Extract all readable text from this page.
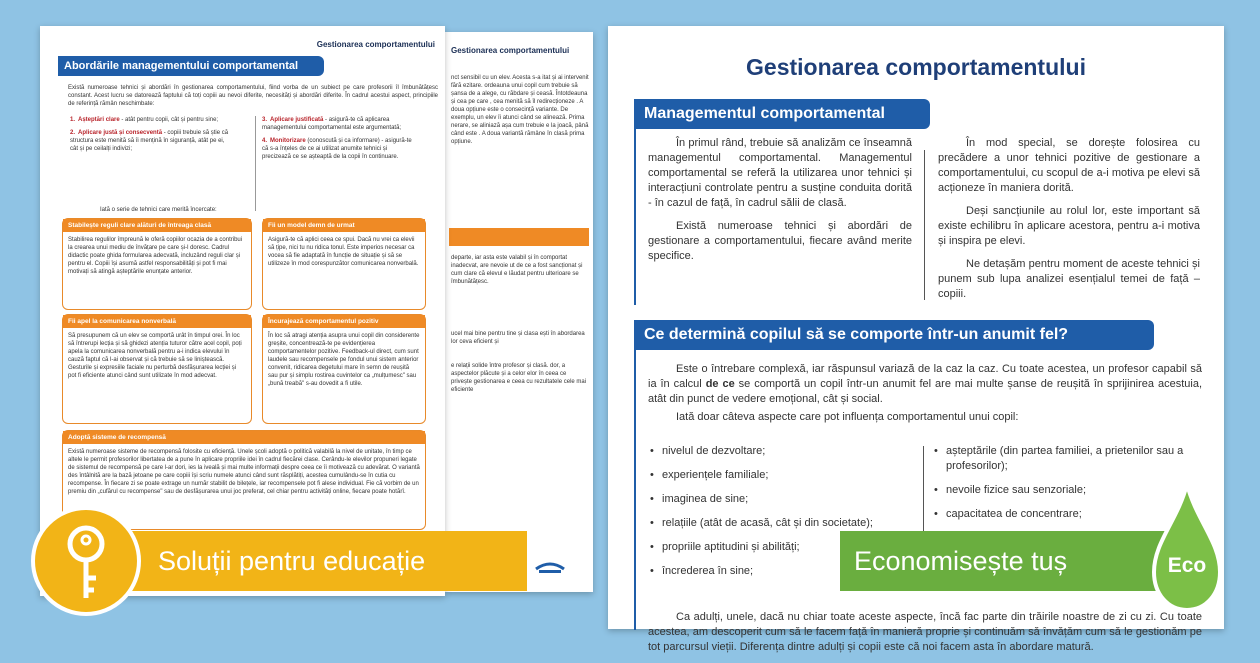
Gestionarea comportamentului
nct sensibil cu un elev. Acesta s-a itat și ai intervenit fără ezitare. ordeauna unui copil cum trebuie să șansa de a alege, cu răbdare și ceasă. Întotdeauna și cea pe care , cea menită să îl redirecționeze . A doua opțiune este o consecință variante. De exemplu, un elev îi atunci când se alinează. Prima nerare, se aliniază așa cum trebuie e la joacă, până când este . A doua variantă rămâne în clasă prima opțiune.
departe, iar asta este valabil și în comportat inadecvat, are nevoie ut de ce a fost sancționat și cum clare că elevul e lăudat pentru ulterioare se îmbunătățesc.
ucel mai bine pentru tine și clasa ești în abordarea lor ceva eficient și
e relații solide între profesor și clasă. dor, a aspectelor plăcute și a celor elor în ceea ce privește gestionarea e ceea cu rezultatele cele mai eficiente
Gestionarea comportamentului
Abordările managementului comportamental
Există numeroase tehnici și abordări în gestionarea comportamentului, fiind vorba de un subiect pe care profesorii îl îmbunătățesc constant. Acest lucru se datorează faptului că toți copiii au nevoi diferite, necesități și abordări diferite. În cadrul acestui aspect, principiile de referință rămân neschimbate:
1. Așteptări clare - atât pentru copii, cât și pentru sine;
2. Aplicare justă și consecventă - copiii trebuie să știe că structura este menită să îi mențină în siguranță, atât pe ei, cât și pe ceilalți indivizi;
3. Aplicare justificată - asigură-te că aplicarea managementului comportamental este argumentată;
4. Monitorizare (conoscută și ca informare) - asigură-te că s-a înțeles de ce ai utilizat anumite tehnici și precizează ce se așteaptă de la copii în continuare.
Iată o serie de tehnici care merită încercate:
Stabilește reguli clare alături de întreaga clasă
Stabilirea regulilor împreună le oferă copiilor ocazia de a contribui la crearea unui mediu de învățare pe care și-l doresc. Cadrul didactic poate ghida formularea adecvată, incluzând reguli clar și pentru el. Copiii își asumă astfel responsabilități și pot fi mai motivați să atingă așteptările enunțate anterior.
Fii un model demn de urmat
Asigură-te că aplici ceea ce spui. Dacă nu vrei ca elevii să țipe, nici tu nu ridica tonul. Este imperios necesar ca vocea să fie adaptată în funcție de situație și să se utilizeze în mod corespunzător comunicarea nonverbală.
Fii apel la comunicarea nonverbală
Să presupunem că un elev se comportă urât în timpul orei. În loc să întrerupi lecția și să ghidezi atenția tuturor către acel copil, poți apela la comunicarea nonverbală pentru a-i indica elevului în cauză faptul că l-ai observat și că trebuie să se liniștească. Gesturile și expresiile faciale nu perturbă desfășurarea lecției și pot fi eficiente atunci când sunt utilizate în mod adecvat.
Încurajează comportamentul pozitiv
În loc să atragi atenția asupra unui copil din considerente greșite, concentrează-te pe evidențierea comportamentelor pozitive. Feedback-ul direct, cum sunt laudele sau recompensele pe fondul unui sistem anterior convenit, ridicarea degetului mare în semn de reușită sau pur și simplu rostirea cuvintelor ca „mulțumesc" sau „bună treabă" s-au dovedit a fi utile.
Adoptă sisteme de recompensă
Există numeroase sisteme de recompensă folosite cu eficiență. Unele școli adoptă o politică valabilă la nivel de unitate, în timp ce altele le permit profesorilor libertatea de a pune în aplicare propriile idei în cadrul fiecărei clase. Cerându-le elevilor propuneri legate de sistemul de recompensă pe care l-ar dori, ies la iveală și mai multe informații despre ceea ce îi motivează cu adevărat. O variantă des întâlnită are la bază jetoane pe care copiii își scriu numele atunci când sunt răsplătiți, acestea cumulându-se în cutia cu recompense. În fiecare zi se poate extrage un număr stabilit de bilețele, iar recompensele pot fi alese individual. Fie că vorbim de un premiu din „cufărul cu recompense" sau de desfășurarea unui joc preferat, cel chiar pentru activități online, fiecare poate hotărî.
Gestionarea comportamentului
Managementul comportamental

În primul rând, trebuie să analizăm ce înseamnă managementul comportamental. Managementul comportamental se referă la utilizarea unor tehnici și interacțiuni controlate pentru a susține conduita dorită - în cazul de față, în cadrul sălii de clasă.

Există numeroase tehnici și abordări de gestionare a comportamentului, fiecare având merite specifice.

În mod special, se dorește folosirea cu precădere a unor tehnici pozitive de gestionare a comportamentului, cu scopul de a-i motiva pe elevi să acționeze în maniera dorită.

Deși sancțiunile au rolul lor, este important să existe echilibru în aplicare acestora, pentru a-i motiva și inspira pe elevi.

Ne detașăm pentru moment de aceste tehnici și punem sub lupa analizei esențialul temei de față – copiii.

Ce determină copilul să se comporte într-un anumit fel?

Este o întrebare complexă, iar răspunsul variază de la caz la caz. Cu toate acestea, un profesor capabil să ia în calcul de ce se comportă un copil într-un anumit fel are mai multe șanse de reușită în sprijinirea acestuia, atât din punct de vedere emoțional, cât și social.

Iată doar câteva aspecte care pot influența comportamentul unui copil:

• nivelul de dezvoltare;
• experiențele familiale;
• imaginea de sine;
• relațiile (atât de acasă, cât și din societate);
• propriile aptitudini și abilități;
• încrederea în sine;
• așteptările (din partea familiei, a prietenilor sau a profesorilor);
• nevoile fizice sau senzoriale;
• capacitatea de concentrare;

Ca adulți, unele, dacă nu chiar toate aceste aspecte, încă fac parte din trăirile noastre de zi cu zi. Cu toate acestea, am descoperit cum să le facem față în manieră proprie și continuăm să învățăm cum să le gestionăm pe tot parcursul vieții. Diferența dintre adulți și copii este că noi facem asta în abordare matură.

Soluții pentru educație	Economisește tuș	Eco
